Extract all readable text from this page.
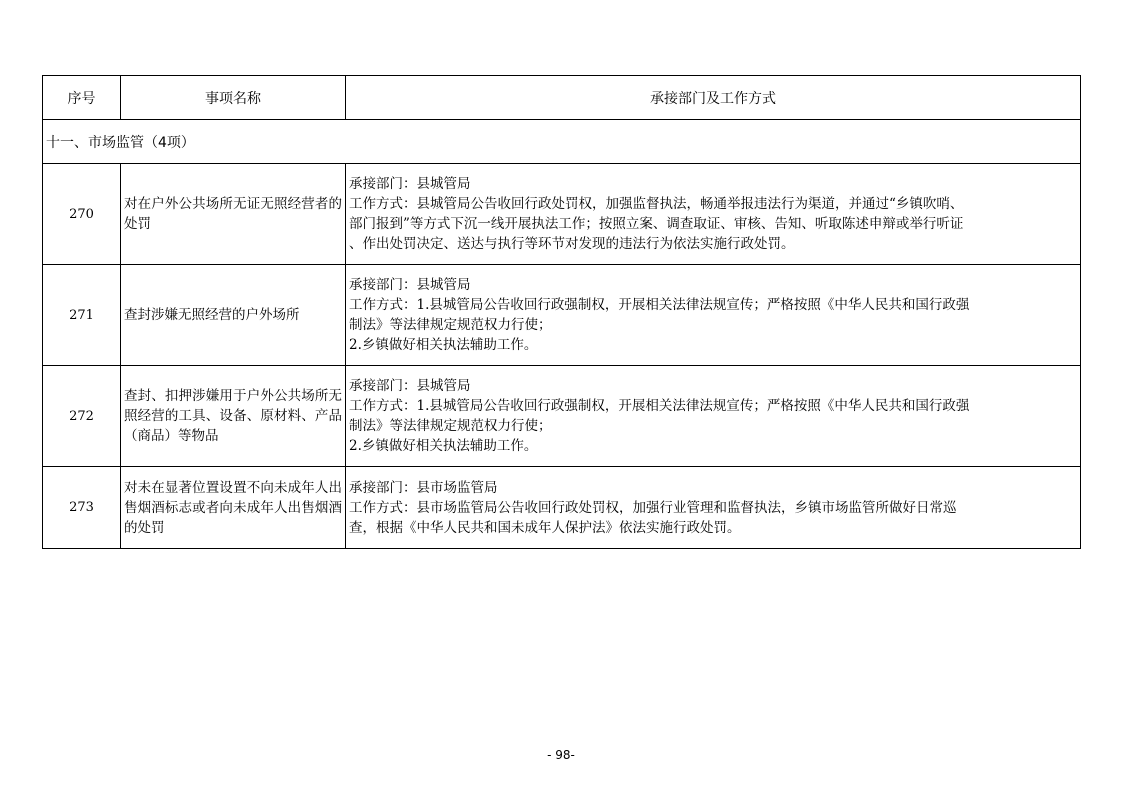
序号	事项名称	承接部门及工作方式
十一、市场监管（4项）		
270	对在户外公共场所无证无照经营者的处罚	承接部门：县城管局
工作方式：县城管局公告收回行政处罚权，加强监督执法，畅通举报违法行为渠道，并通过“乡镇吹哨、
部门报到”等方式下沉一线开展执法工作；按照立案、调查取证、审核、告知、听取陈述申辩或举行听证
、作出处罚决定、送达与执行等环节对发现的违法行为依法实施行政处罚。

271	查封涉嫌无照经营的户外场所	承接部门：县城管局
工作方式：1.县城管局公告收回行政强制权，开展相关法律法规宣传；严格按照《中华人民共和国行政强
制法》等法律规定规范权力行使；
2.乡镇做好相关执法辅助工作。

272	查封、扣押涉嫌用于户外公共场所无照经营的工具、设备、原材料、产品（商品）等物品	承接部门：县城管局
工作方式：1.县城管局公告收回行政强制权，开展相关法律法规宣传；严格按照《中华人民共和国行政强
制法》等法律规定规范权力行使；
2.乡镇做好相关执法辅助工作。

273	对未在显著位置设置不向未成年人出售烟酒标志或者向未成年人出售烟酒的处罚	承接部门：县市场监管局
工作方式：县市场监管局公告收回行政处罚权，加强行业管理和监督执法，乡镇市场监管所做好日常巡
查，根据《中华人民共和国未成年人保护法》依法实施行政处罚。
- 98-
